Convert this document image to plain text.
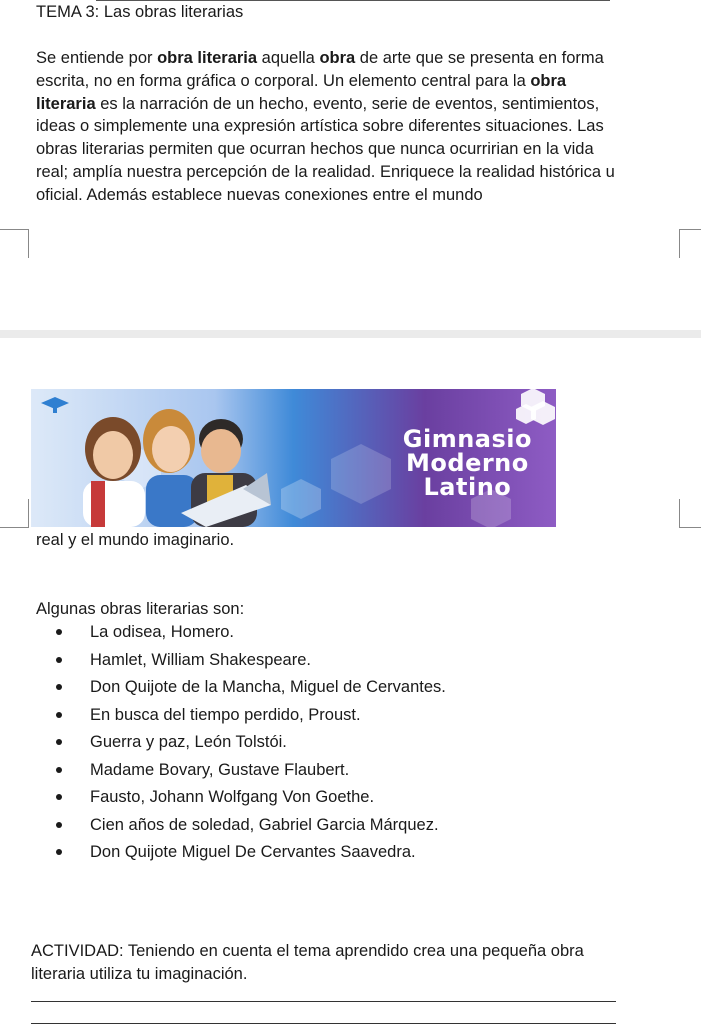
TEMA 3: Las obras literarias

Se entiende por obra literaria aquella obra de arte que se presenta en forma escrita, no en forma gráfica o corporal. Un elemento central para la obra literaria es la narración de un hecho, evento, serie de eventos, sentimientos, ideas o simplemente una expresión artística sobre diferentes situaciones. Las obras literarias permiten que ocurran hechos que nunca ocurririan en la vida real; amplía nuestra percepción de la realidad. Enriquece la realidad histórica u oficial. Además establece nuevas conexiones entre el mundo

Gimnasio
Moderno
Latino
real y el mundo imaginario.
Algunas obras literarias son:
La odisea, Homero.
Hamlet, William Shakespeare.
Don Quijote de la Mancha, Miguel de Cervantes.
En busca del tiempo perdido, Proust.
Guerra y paz, León Tolstói.
Madame Bovary, Gustave Flaubert.
Fausto, Johann Wolfgang Von Goethe.
Cien años de soledad, Gabriel Garcia Márquez.
Don Quijote Miguel De Cervantes Saavedra.

ACTIVIDAD: Teniendo en cuenta el tema aprendido crea una pequeña obra literaria utiliza tu imaginación.
